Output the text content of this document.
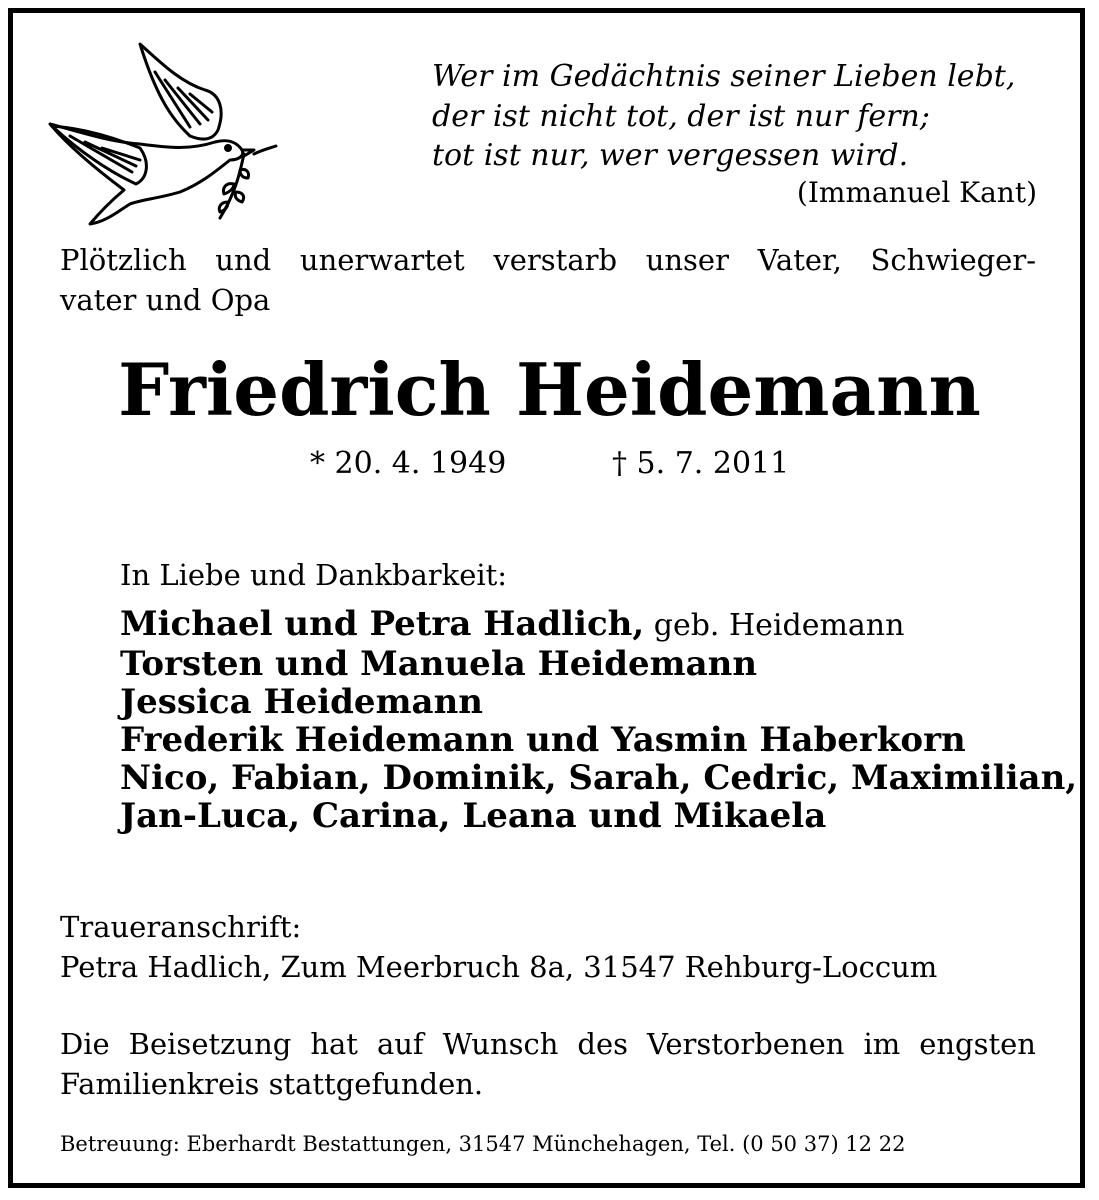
Wer im Gedächtnis seiner Lieben lebt,
der ist nicht tot, der ist nur fern;
tot ist nur, wer vergessen wird.
(Immanuel Kant)
Plötzlich und unerwartet verstarb unser Vater, Schwieger-
vater und Opa
Friedrich Heidemann
* 20. 4. 1949	† 5. 7. 2011
In Liebe und Dankbarkeit:
Michael und Petra Hadlich, geb. Heidemann
Torsten und Manuela Heidemann
Jessica Heidemann
Frederik Heidemann und Yasmin Haberkorn
Nico, Fabian, Dominik, Sarah, Cedric, Maximilian,
Jan-Luca, Carina, Leana und Mikaela
Traueranschrift:
Petra Hadlich, Zum Meerbruch 8a, 31547 Rehburg-Loccum
Die Beisetzung hat auf Wunsch des Verstorbenen im engsten
Familienkreis stattgefunden.
Betreuung: Eberhardt Bestattungen, 31547 Münchehagen, Tel. (0 50 37) 12 22
